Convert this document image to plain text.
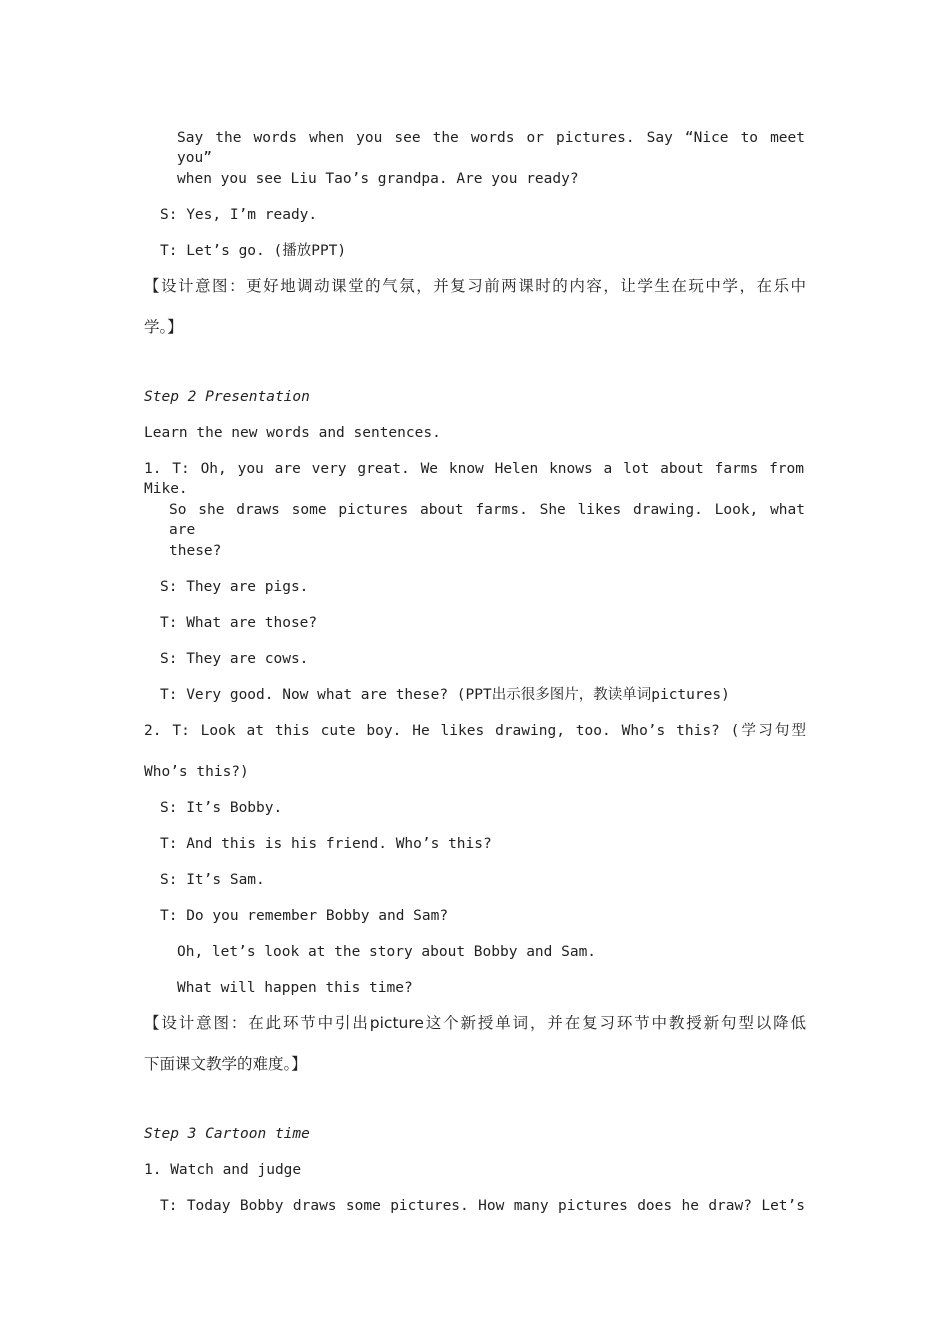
Say the words when you see the words or pictures. Say “Nice to meet you”

when you see Liu Tao’s grandpa. Are you ready?

S: Yes, I’m ready.

T: Let’s go. (播放PPT)

【设计意图：更好地调动课堂的气氛，并复习前两课时的内容，让学生在玩中学，在乐中

学。】

Step 2 Presentation

Learn the new words and sentences.

1. T: Oh, you are very great. We know Helen knows a lot about farms from Mike.

So she draws some pictures about farms. She likes drawing. Look, what are

these?

S: They are pigs.

T: What are those?

S: They are cows.

T: Very good. Now what are these? (PPT出示很多图片，教读单词pictures)

2. T: Look at this cute boy. He likes drawing, too. Who’s this? (学习句型

Who’s this?)

S: It’s Bobby.

T: And this is his friend. Who’s this?

S: It’s Sam.

T: Do you remember Bobby and Sam?

Oh, let’s look at the story about Bobby and Sam.

What will happen this time?

【设计意图：在此环节中引出picture这个新授单词，并在复习环节中教授新句型以降低

下面课文教学的难度。】

Step 3 Cartoon time

1. Watch and judge

T: Today Bobby draws some pictures. How many pictures does he draw? Let’s
